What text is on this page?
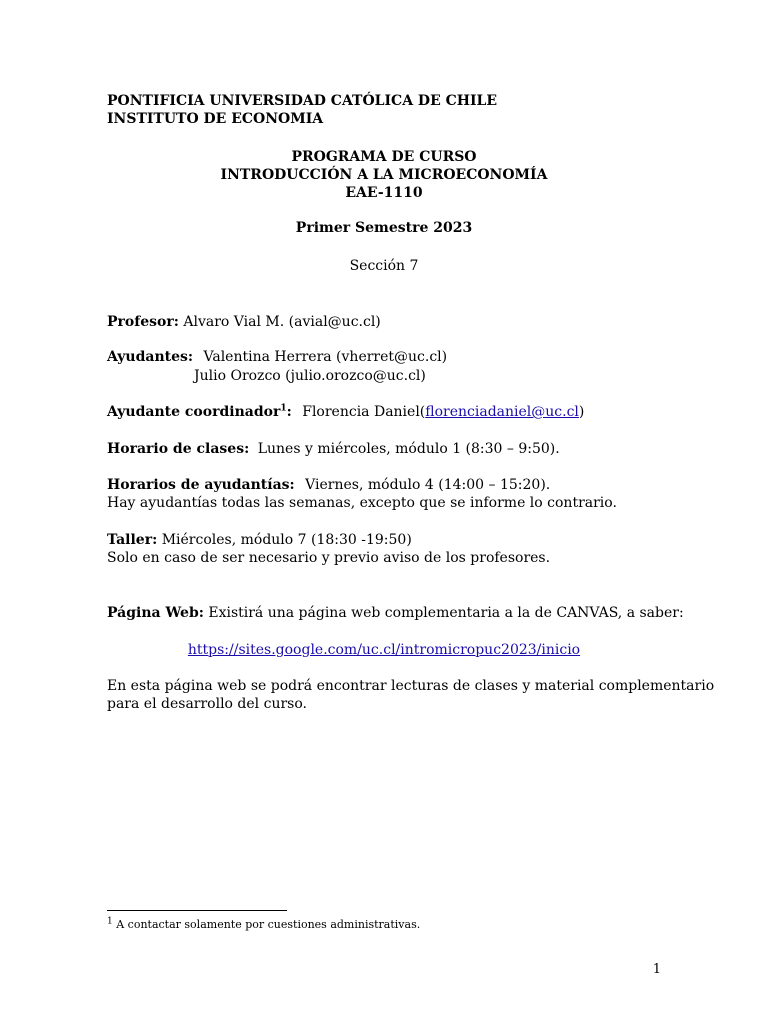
PONTIFICIA UNIVERSIDAD CATÓLICA DE CHILE
INSTITUTO DE ECONOMIA
PROGRAMA DE CURSO
INTRODUCCIÓN A LA MICROECONOMÍA
EAE-1110
Primer Semestre 2023
Sección 7
Profesor: Alvaro Vial M. (avial@uc.cl)
Ayudantes: Valentina Herrera (vherret@uc.cl)
Julio Orozco (julio.orozco@uc.cl)
Ayudante coordinador$^1$: Florencia Daniel(florenciadaniel@uc.cl)
Horario de clases: Lunes y miércoles, módulo 1 (8:30 – 9:50).
Horarios de ayudantías: Viernes, módulo 4 (14:00 – 15:20).
Hay ayudantías todas las semanas, excepto que se informe lo contrario.
Taller: Miércoles, módulo 7 (18:30 -19:50)
Solo en caso de ser necesario y previo aviso de los profesores.
Página Web: Existirá una página web complementaria a la de CANVAS, a saber:
https://sites.google.com/uc.cl/intromicropuc2023/inicio
En esta página web se podrá encontrar lecturas de clases y material complementario
para el desarrollo del curso.
$^1$ A contactar solamente por cuestiones administrativas.
1
